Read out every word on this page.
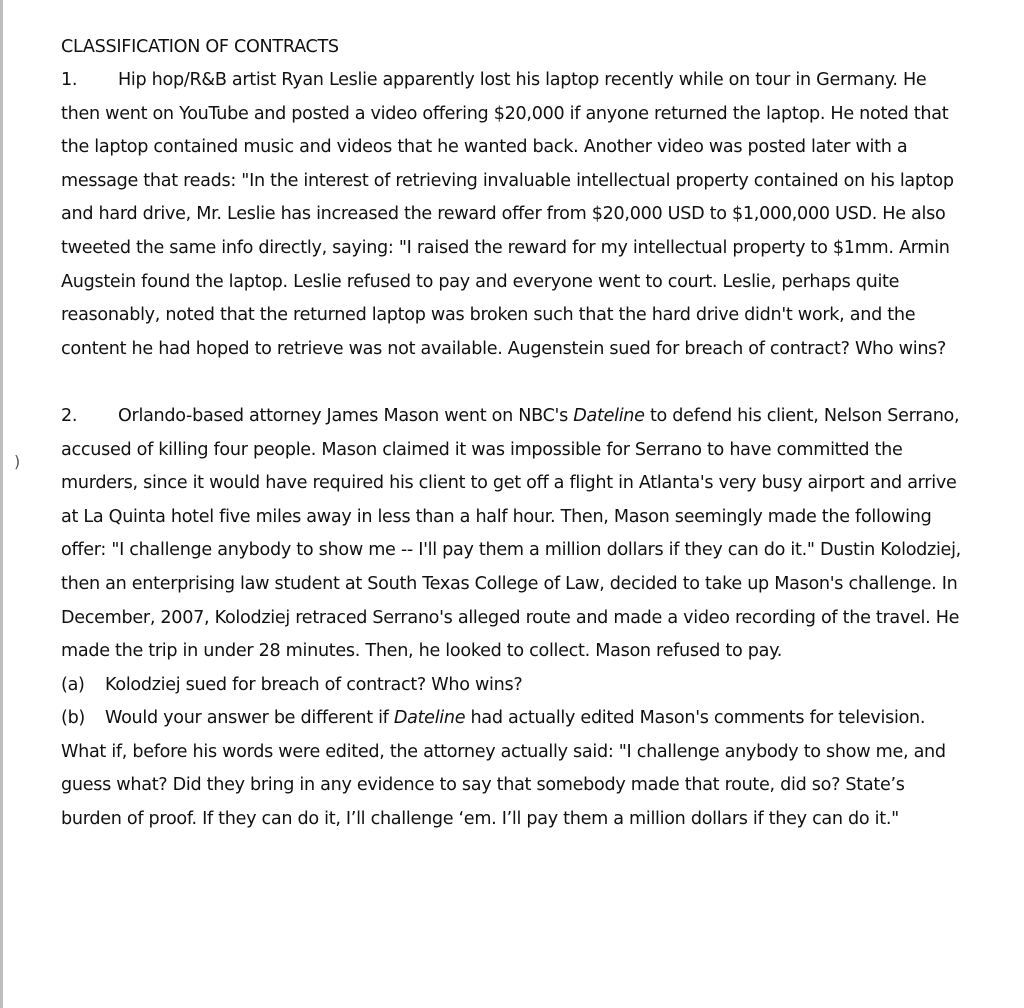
)
CLASSIFICATION OF CONTRACTS

1. Hip hop/R&B artist Ryan Leslie apparently lost his laptop recently while on tour in Germany. He then went on YouTube and posted a video offering $20,000 if anyone returned the laptop. He noted that the laptop contained music and videos that he wanted back. Another video was posted later with a message that reads: "In the interest of retrieving invaluable intellectual property contained on his laptop and hard drive, Mr. Leslie has increased the reward offer from $20,000 USD to $1,000,000 USD. He also tweeted the same info directly, saying: "I raised the reward for my intellectual property to $1mm. Armin Augstein found the laptop. Leslie refused to pay and everyone went to court. Leslie, perhaps quite reasonably, noted that the returned laptop was broken such that the hard drive didn't work, and the content he had hoped to retrieve was not available. Augenstein sued for breach of contract? Who wins?

2. Orlando-based attorney James Mason went on NBC's Dateline to defend his client, Nelson Serrano, accused of killing four people. Mason claimed it was impossible for Serrano to have committed the murders, since it would have required his client to get off a flight in Atlanta's very busy airport and arrive at La Quinta hotel five miles away in less than a half hour. Then, Mason seemingly made the following offer: "I challenge anybody to show me -- I'll pay them a million dollars if they can do it." Dustin Kolodziej, then an enterprising law student at South Texas College of Law, decided to take up Mason's challenge. In December, 2007, Kolodziej retraced Serrano's alleged route and made a video recording of the travel. He made the trip in under 28 minutes. Then, he looked to collect. Mason refused to pay.

(a) Kolodziej sued for breach of contract? Who wins?

(b) Would your answer be different if Dateline had actually edited Mason's comments for television. What if, before his words were edited, the attorney actually said: "I challenge anybody to show me, and guess what? Did they bring in any evidence to say that somebody made that route, did so? State’s burden of proof. If they can do it, I’ll challenge ‘em. I’ll pay them a million dollars if they can do it."
